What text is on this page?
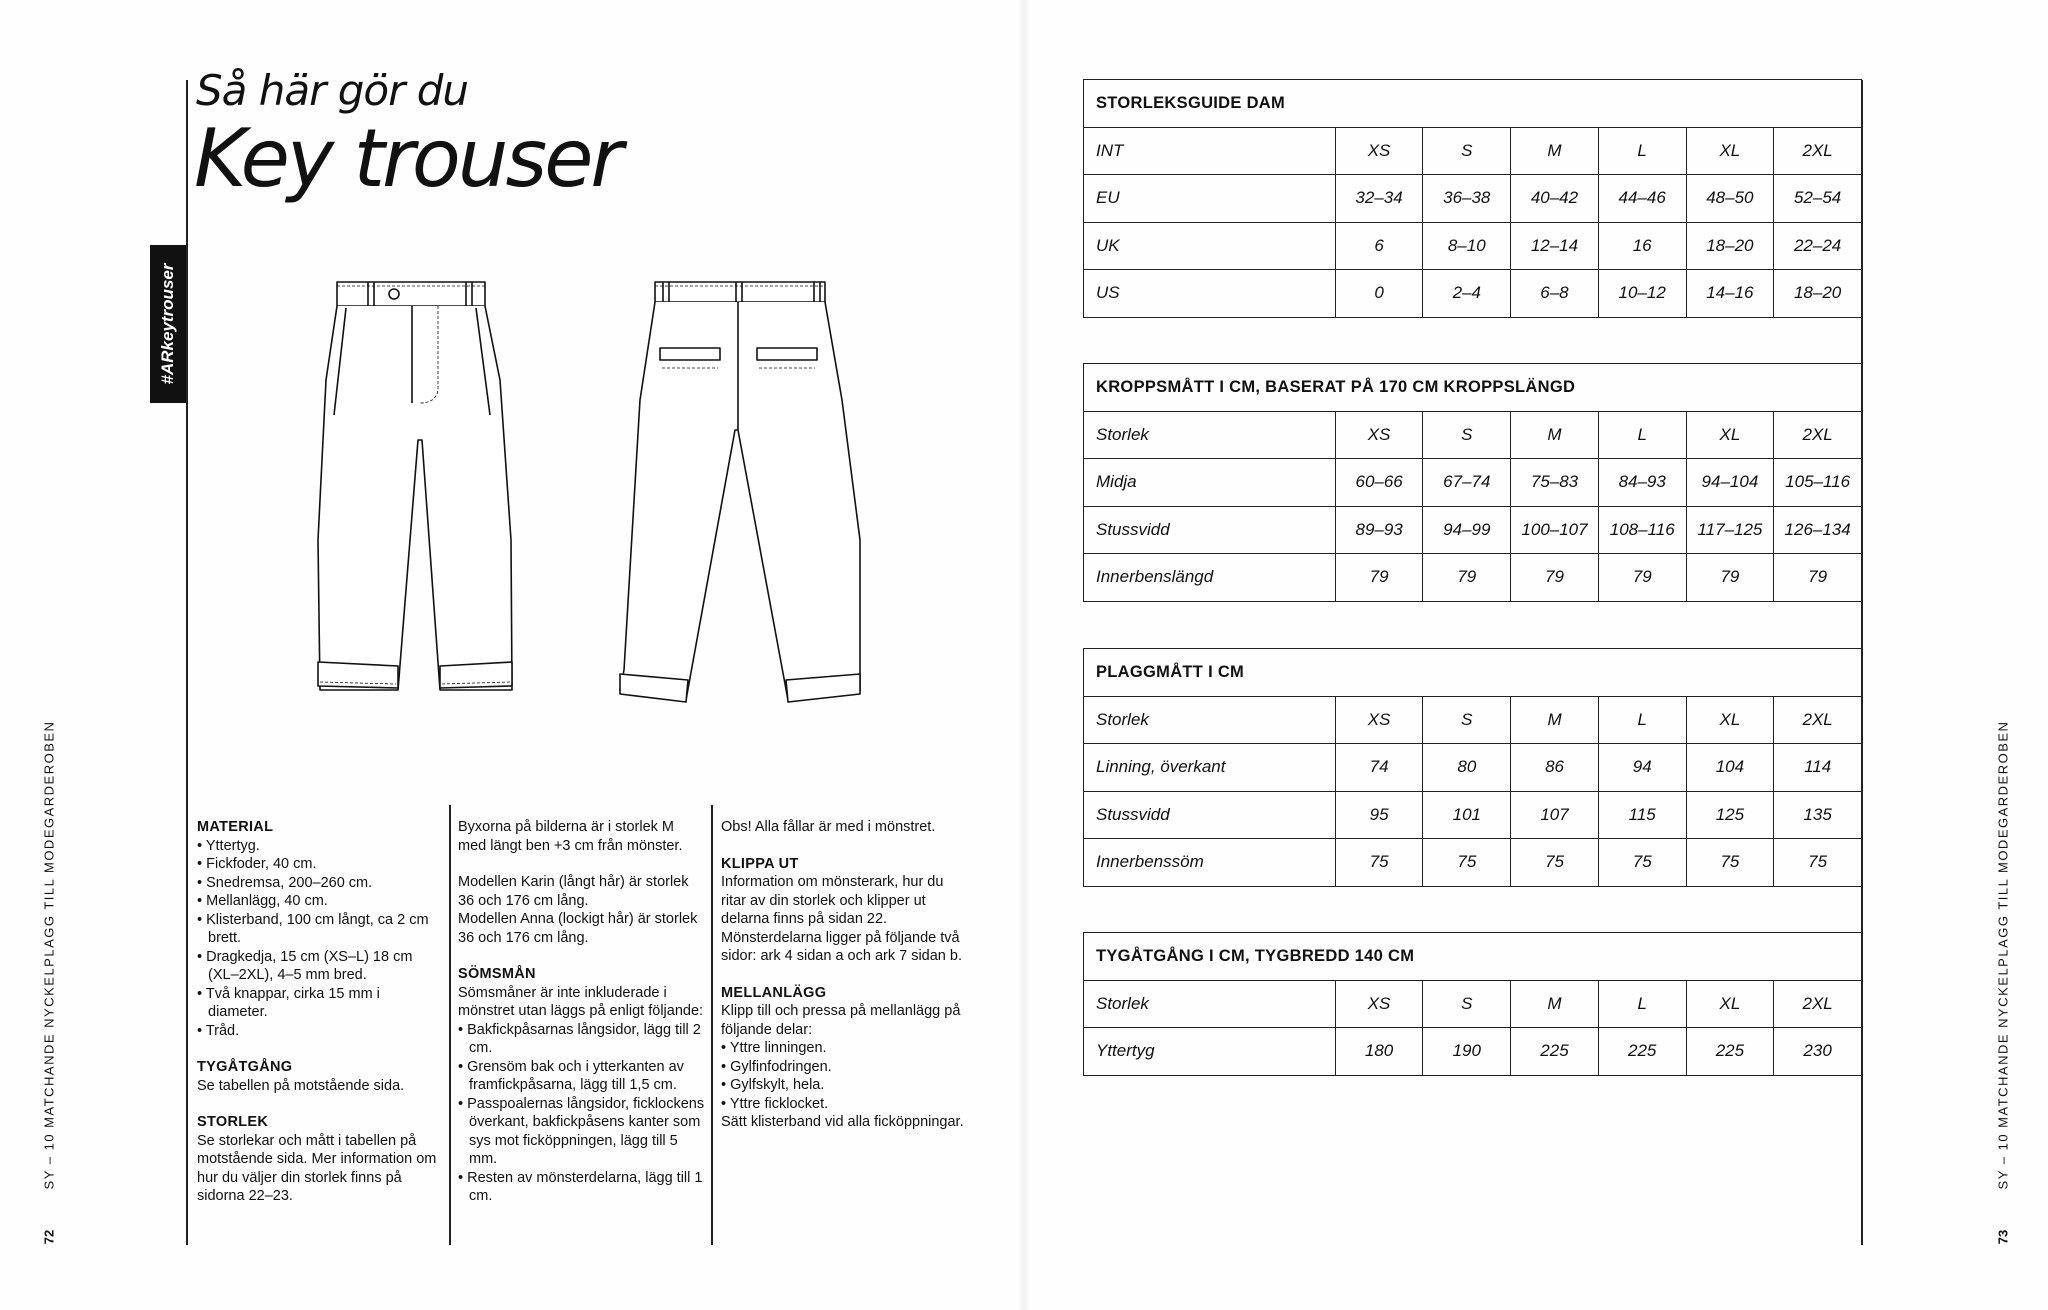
SY – 10 MATCHANDE NYCKELPLAGG TILL MODEGARDEROBEN
72
Så här gör du
Key trouser
#ARkeytrouser
MATERIAL
• Yttertyg.
• Fickfoder, 40 cm.
• Snedremsa, 200–260 cm.
• Mellanlägg, 40 cm.
• Klisterband, 100 cm långt, ca 2 cm brett.
• Dragkedja, 15 cm (XS–L) 18 cm (XL–2XL), 4–5 mm bred.
• Två knappar, cirka 15 mm i diameter.
• Tråd.
TYGÅTGÅNG

Se tabellen på motstående sida.

STORLEK

Se storlekar och mått i tabellen på motstående sida. Mer information om hur du väljer din storlek finns på sidorna 22–23.

Byxorna på bilderna är i storlek M med längt ben +3 cm från mönster.

Modellen Karin (långt hår) är storlek 36 och 176 cm lång.

Modellen Anna (lockigt hår) är storlek 36 och 176 cm lång.

SÖMSMÅN

Sömsmåner är inte inkluderade i mönstret utan läggs på enligt följande:

• Bakfickpåsarnas långsidor, lägg till 2 cm.
• Grensöm bak och i ytterkanten av framfickpåsarna, lägg till 1,5 cm.
• Passpoalernas långsidor, ficklockens överkant, bakfickpåsens kanter som sys mot ficköppningen, lägg till 5 mm.
• Resten av mönsterdelarna, lägg till 1 cm.

Obs! Alla fållar är med i mönstret.

KLIPPA UT

Information om mönsterark, hur du ritar av din storlek och klipper ut delarna finns på sidan 22. Mönsterdelarna ligger på följande två sidor: ark 4 sidan a och ark 7 sidan b.

MELLANLÄGG

Klipp till och pressa på mellanlägg på följande delar:

• Yttre linningen.
• Gylfinfodringen.
• Gylfskylt, hela.
• Yttre ficklocket.

Sätt klisterband vid alla ficköppningar.	SY – 10 MATCHANDE NYCKELPLAGG TILL MODEGARDEROBEN
73
STORLEKSGUIDE DAM						
INT	XS	S	M	L	XL	2XL
EU	32–34	36–38	40–42	44–46	48–50	52–54
UK	6	8–10	12–14	16	18–20	22–24
US	0	2–4	6–8	10–12	14–16	18–20
KROPPSMÅTT I CM, BASERAT PÅ 170 CM KROPPSLÄNGD						
Storlek	XS	S	M	L	XL	2XL
Midja	60–66	67–74	75–83	84–93	94–104	105–116
Stussvidd	89–93	94–99	100–107	108–116	117–125	126–134
Innerbenslängd	79	79	79	79	79	79
PLAGGMÅTT I CM						
Storlek	XS	S	M	L	XL	2XL
Linning, överkant	74	80	86	94	104	114
Stussvidd	95	101	107	115	125	135
Innerbenssöm	75	75	75	75	75	75
TYGÅTGÅNG I CM, TYGBREDD 140 CM						
Storlek	XS	S	M	L	XL	2XL
Yttertyg	180	190	225	225	225	230
